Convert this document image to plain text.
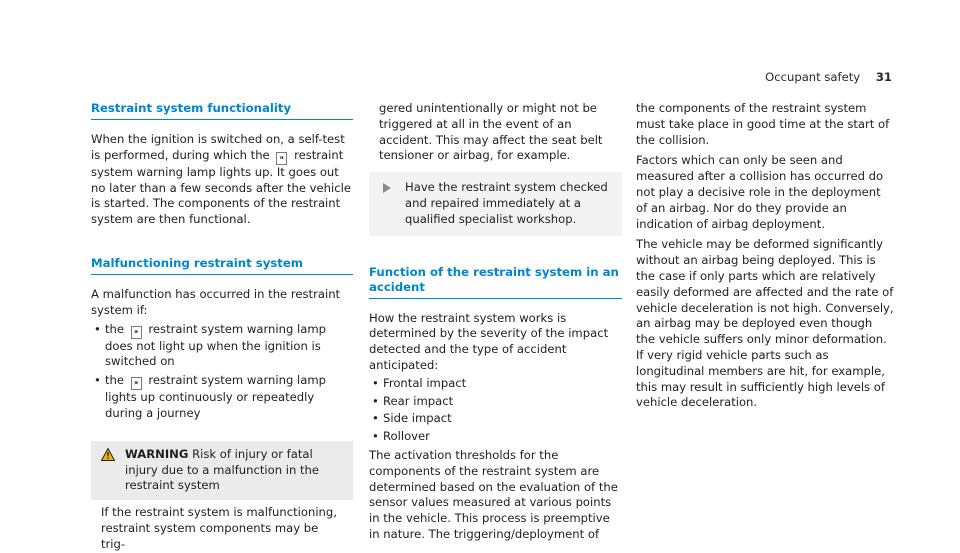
Occupant safety 31
Restraint system functionality

When the ignition is switched on, a self-test is performed, during which the ⁍ restraint system warning lamp lights up. It goes out no later than a few seconds after the vehicle is started. The components of the restraint system are then functional.

Malfunctioning restraint system

A malfunction has occurred in the restraint system if:

• the ⁍ restraint system warning lamp does not light up when the ignition is switched on
• the ⁍ restraint system warning lamp lights up continuously or repeatedly during a journey
WARNING Risk of injury or fatal injury due to a malfunction in the restraint system
If the restraint system is malfunctioning, restraint system components may be trig-
gered unintentionally or might not be triggered at all in the event of an accident. This may affect the seat belt tensioner or airbag, for example.
Have the restraint system checked and repaired immediately at a qualified specialist workshop.
Function of the restraint system in an accident

How the restraint system works is determined by the severity of the impact detected and the type of accident anticipated:

• Frontal impact
• Rear impact
• Side impact
• Rollover

The activation thresholds for the components of the restraint system are determined based on the evaluation of the sensor values measured at various points in the vehicle. This process is preemptive in nature. The triggering/deployment of

the components of the restraint system must take place in good time at the start of the collision.

Factors which can only be seen and measured after a collision has occurred do not play a decisive role in the deployment of an airbag. Nor do they provide an indication of airbag deployment.

The vehicle may be deformed significantly without an airbag being deployed. This is the case if only parts which are relatively easily deformed are affected and the rate of vehicle deceleration is not high. Conversely, an airbag may be deployed even though the vehicle suffers only minor deformation. If very rigid vehicle parts such as longitudinal members are hit, for example, this may result in sufficiently high levels of vehicle deceleration.
